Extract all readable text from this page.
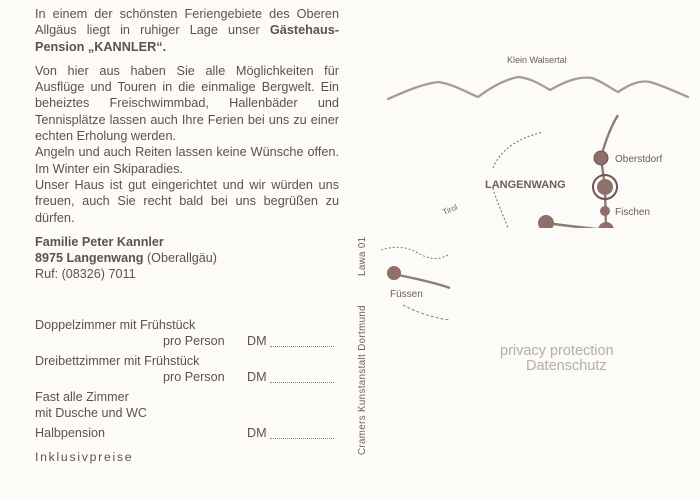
In einem der schönsten Feriengebiete des Oberen Allgäus liegt in ruhiger Lage unser Gästehaus-Pension „KANNLER“.

Von hier aus haben Sie alle Möglichkeiten für Ausflüge und Touren in die einmalige Bergwelt. Ein beheiztes Freischwimmbad, Hallenbäder und Tennisplätze lassen auch Ihre Ferien bei uns zu einer echten Erholung werden.

Angeln und auch Reiten lassen keine Wünsche offen. Im Winter ein Skiparadies.

Unser Haus ist gut eingerichtet und wir würden uns freuen, auch Sie recht bald bei uns begrüßen zu dürfen.

Familie Peter Kannler
8975 Langenwang (Oberallgäu)
Ruf: (08326) 7011
Doppelzimmer mit Frühstück
pro Person DM
Dreibettzimmer mit Frühstück
pro Person DM
Fast alle Zimmer
mit Dusche und WC
Halbpension	DM
Inklusivpreise
Cramers Kunstanstalt Dortmund Lawa 01
Klein Walsertal
Oberstdorf
LANGENWANG
Fischen
Tirol
Füssen
privacy protection
Datenschutz
